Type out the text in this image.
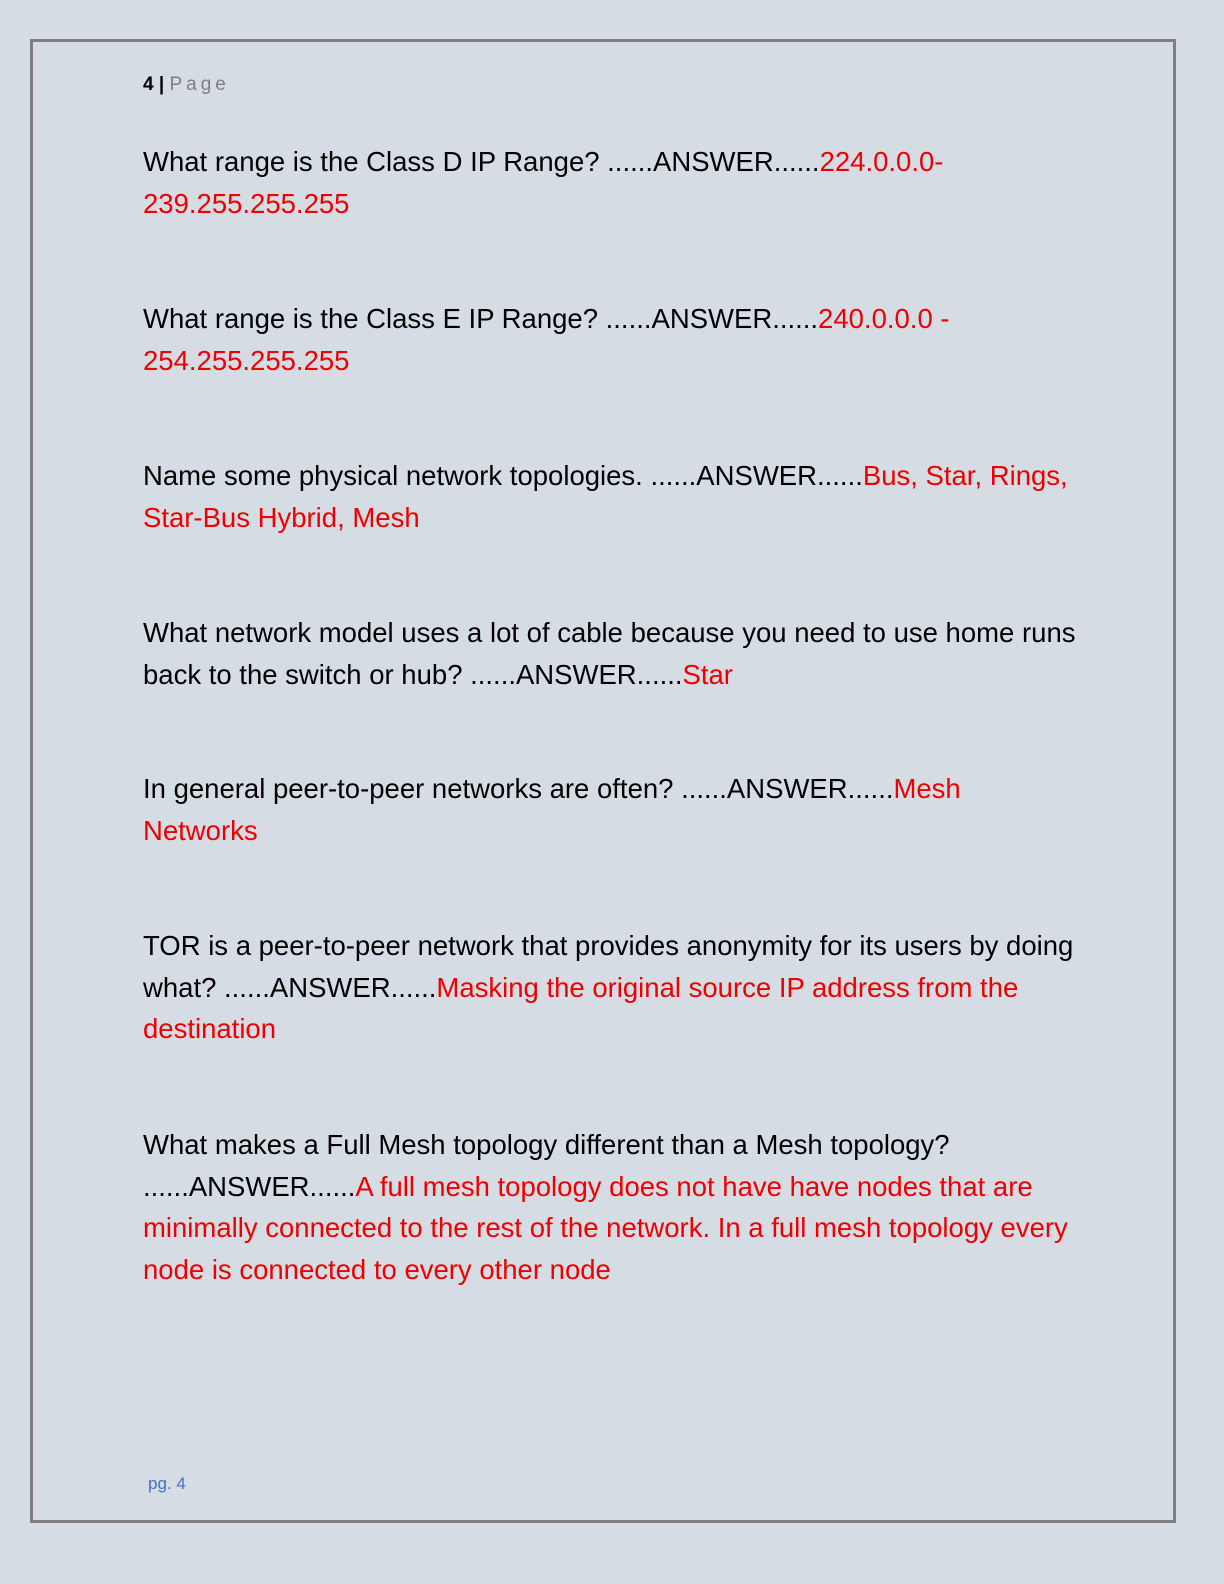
4 | Page
What range is the Class D IP Range? ......ANSWER......224.0.0.0-239.255.255.255
What range is the Class E IP Range? ......ANSWER......240.0.0.0 - 254.255.255.255
Name some physical network topologies. ......ANSWER......Bus, Star, Rings, Star-Bus Hybrid, Mesh
What network model uses a lot of cable because you need to use home runs back to the switch or hub? ......ANSWER......Star
In general peer-to-peer networks are often? ......ANSWER......Mesh Networks
TOR is a peer-to-peer network that provides anonymity for its users by doing what? ......ANSWER......Masking the original source IP address from the destination
What makes a Full Mesh topology different than a Mesh topology? ......ANSWER......A full mesh topology does not have have nodes that are minimally connected to the rest of the network. In a full mesh topology every node is connected to every other node
pg. 4
